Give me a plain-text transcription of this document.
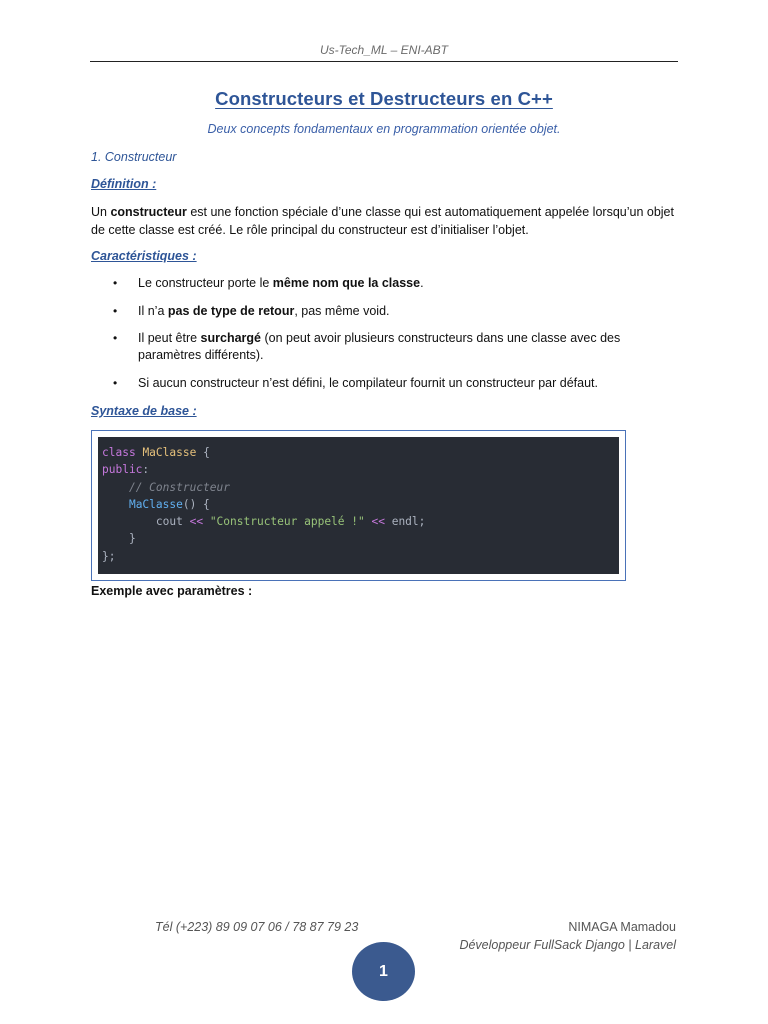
Us-Tech_ML – ENI-ABT
Constructeurs et Destructeurs en C++
Deux concepts fondamentaux en programmation orientée objet.
1. Constructeur
Définition :
Un constructeur est une fonction spéciale d’une classe qui est automatiquement appelée lorsqu’un objet de cette classe est créé. Le rôle principal du constructeur est d’initialiser l’objet.
Caractéristiques :
• Le constructeur porte le même nom que la classe.
• Il n’a pas de type de retour, pas même void.
• Il peut être surchargé (on peut avoir plusieurs constructeurs dans une classe avec des paramètres différents).
• Si aucun constructeur n’est défini, le compilateur fournit un constructeur par défaut.
Syntaxe de base :
class MaClasse {
public:
// Constructeur
MaClasse() {
cout << "Constructeur appelé !" << endl;
}
};
Exemple avec paramètres :
Tél (+223) 89 09 07 06 / 78 87 79 23	NIMAGA Mamadou
Développeur FullSack Django | Laravel
1
